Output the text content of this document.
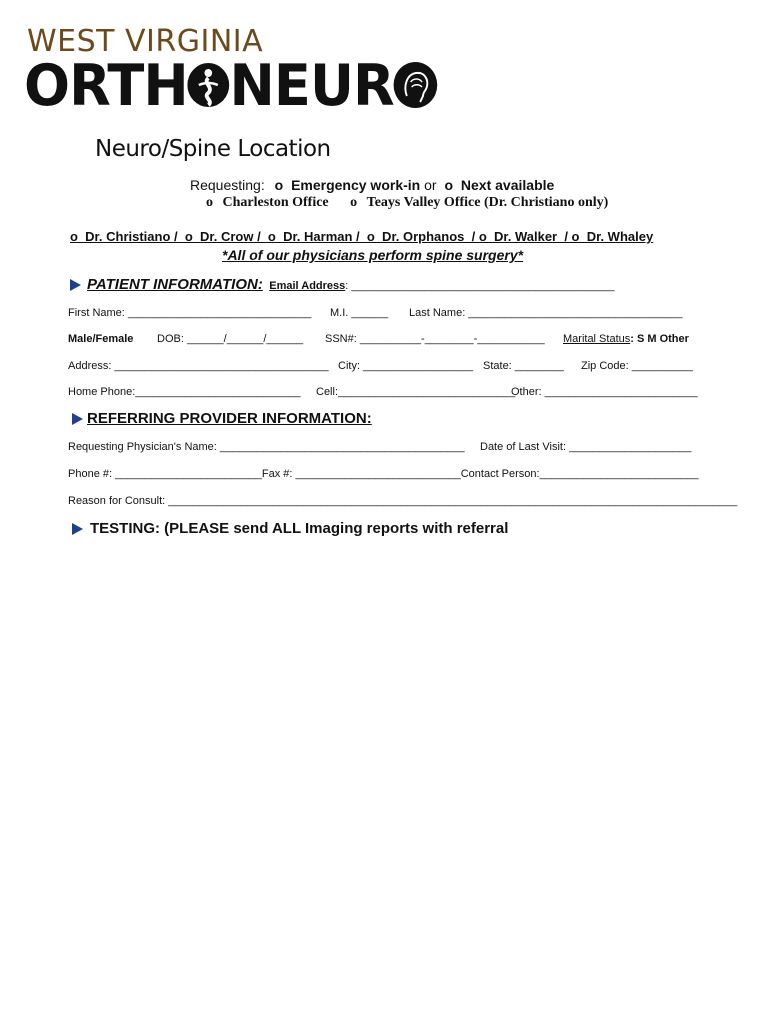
WEST VIRGINIA
ORTH NEUR
Neuro/Spine Location
Requesting: o Emergency work-in or o Next available
o Charleston Office o Teays Valley Office (Dr. Christiano only)
o  Dr. Christiano /  o  Dr. Crow /  o  Dr. Harman /  o  Dr. Orphanos  / o  Dr. Walker  / o  Dr. Whaley
*All of our physicians perform spine surgery*
PATIENT INFORMATION: Email Address: ___________________________________________
First Name: ______________________________ M.I. ______ Last Name: ___________________________________
Male/Female DOB: ______/______/______ SSN#: __________-________-___________ Marital Status: S M Other
Address: ___________________________________ City: __________________ State: ________ Zip Code: __________
Home Phone:___________________________ Cell:_____________________________
Other: _________________________
REFERRING PROVIDER INFORMATION:
Requesting Physician's Name: ________________________________________ Date of Last Visit: ____________________
Phone #: ________________________Fax #: ___________________________Contact Person:__________________________
Reason for Consult: _____________________________________________________________________________________________
TESTING: (PLEASE send ALL Imaging reports with referral
